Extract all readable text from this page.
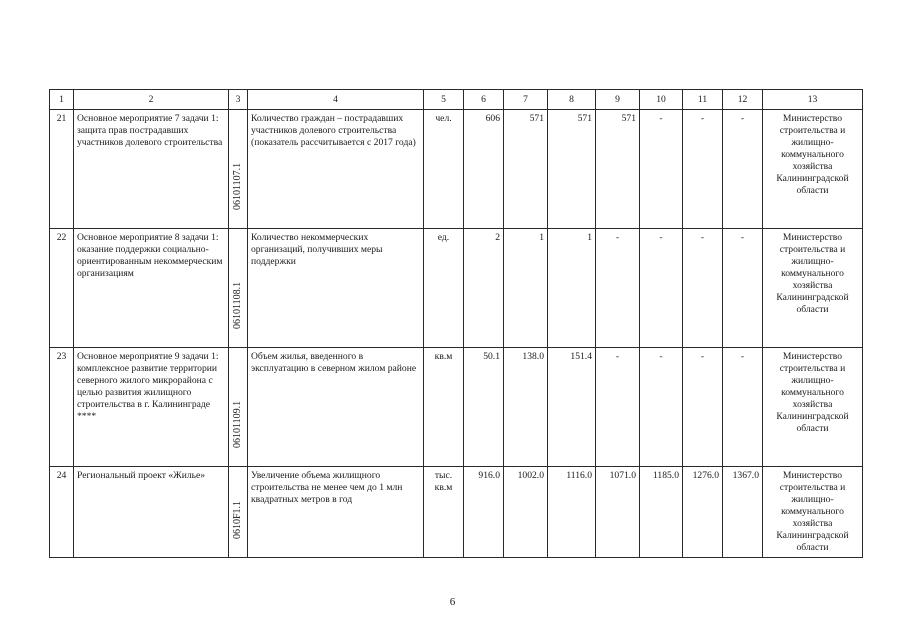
1	2	3	4	5	6	7	8	9	10	11	12	13
21	Основное мероприятие 7 задачи 1: защита прав пострадавших участников долевого строительства	06101107.1	Количество граждан – пострадавших участников долевого строительства (показатель рассчитывается с 2017 года)	чел.	606	571	571	571	-	-	-	Министерство строительства и жилищно-коммунального хозяйства Калининградской области
22	Основное мероприятие 8 задачи 1: оказание поддержки социально-ориентированным некоммерческим организациям	06101108.1	Количество некоммерческих организаций, получивших меры поддержки	ед.	2	1	1	-	-	-	-	Министерство строительства и жилищно-коммунального хозяйства Калининградской области
23	Основное мероприятие 9 задачи 1: комплексное развитие территории северного жилого микрорайона с целью развития жилищного строительства в г. Калининграде ****	06101109.1	Объем жилья, введенного в эксплуатацию в северном жилом районе	кв.м	50.1	138.0	151.4	-	-	-	-	Министерство строительства и жилищно-коммунального хозяйства Калининградской области
24	Региональный проект «Жилье»	0610F1.1	Увеличение объема жилищного строительства не менее чем до 1 млн квадратных метров в год	тыс. кв.м	916.0	1002.0	1116.0	1071.0	1185.0	1276.0	1367.0	Министерство строительства и жилищно-коммунального хозяйства Калининградской области
6
